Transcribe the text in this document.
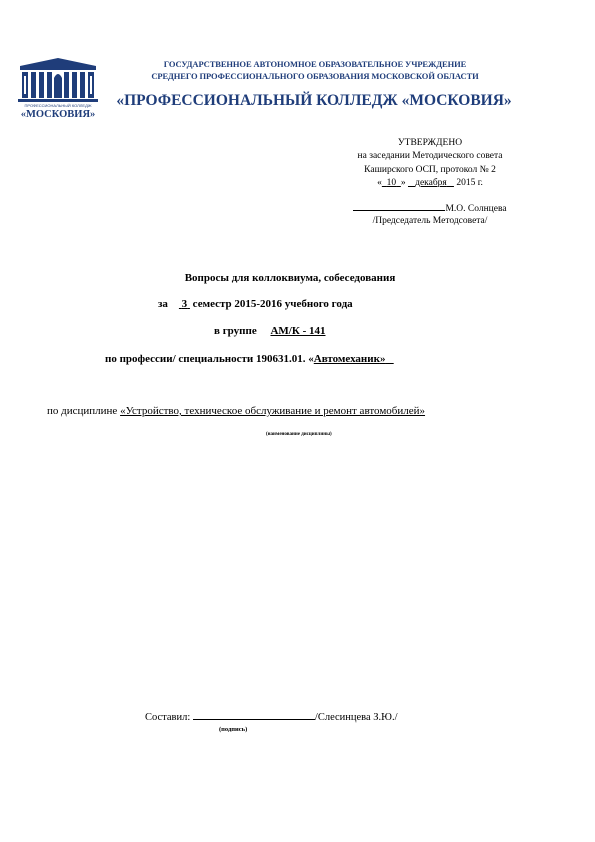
ПРОФЕССИОНАЛЬНЫЙ КОЛЛЕДЖ
«МОСКОВИЯ»
ГОСУДАРСТВЕННОЕ АВТОНОМНОЕ ОБРАЗОВАТЕЛЬНОЕ УЧРЕЖДЕНИЕ
СРЕДНЕГО ПРОФЕССИОНАЛЬНОГО ОБРАЗОВАНИЯ МОСКОВСКОЙ ОБЛАСТИ
«ПРОФЕССИОНАЛЬНЫЙ КОЛЛЕДЖ «МОСКОВИЯ»
УТВЕРЖДЕНО
на заседании Методического совета
Каширского ОСП, протокол № 2
« 10 » декабря 2015 г.
М.О. Солнцева
/Председатель Методсовета/
Вопросы для коллоквиума, собеседования
за 3 семестр 2015-2016 учебного года
в группе АМ/К - 141
по профессии/ специальности 190631.01. «Автомеханик»
по дисциплине «Устройство, техническое обслуживание и ремонт автомобилей»
(наименование дисциплины)
Составил:	/Слесинцева З.Ю./
(подпись)
